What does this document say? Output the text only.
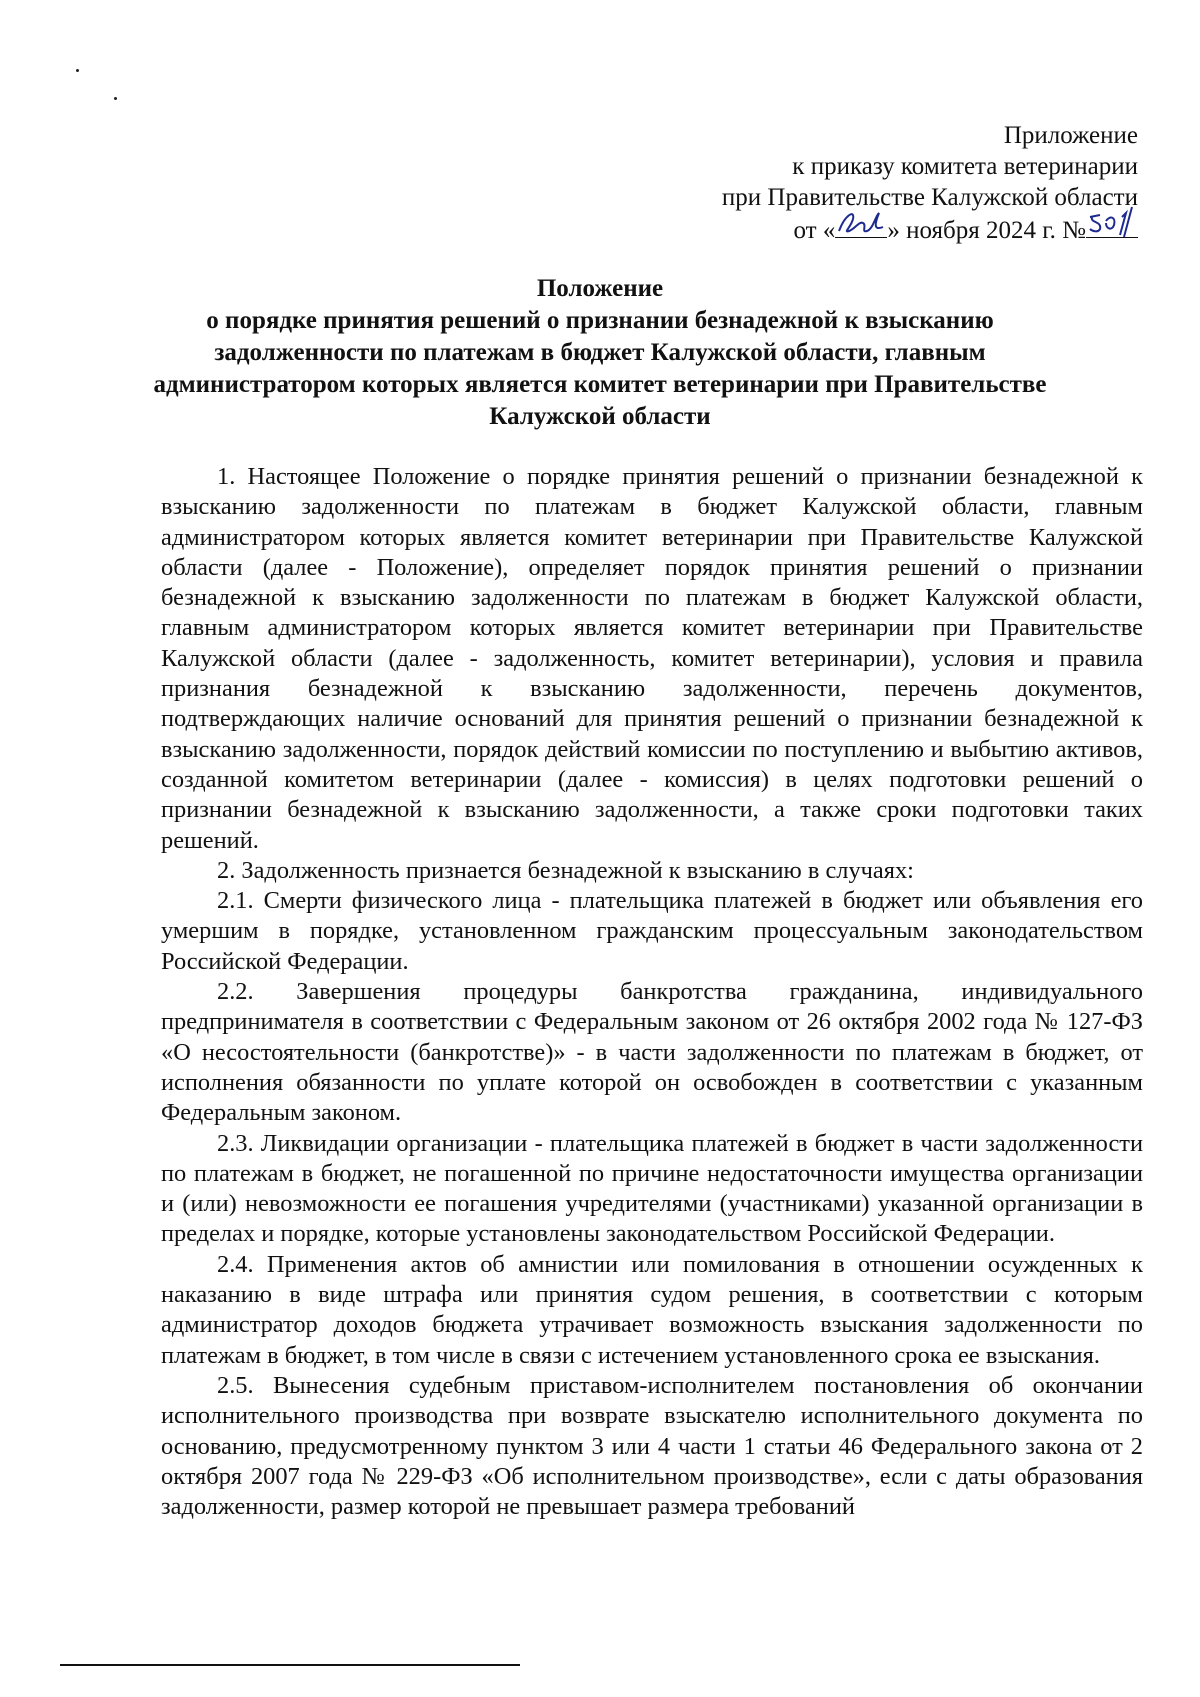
Приложение
к приказу комитета ветеринарии
при Правительстве Калужской области
от « » ноября 2024 г. №
Положение
о порядке принятия решений о признании безнадежной к взысканию
задолженности по платежам в бюджет Калужской области, главным
администратором которых является комитет ветеринарии при Правительстве
Калужской области

1. Настоящее Положение о порядке принятия решений о признании безнадежной к взысканию задолженности по платежам в бюджет Калужской области, главным администратором которых является комитет ветеринарии при Правительстве Калужской области (далее - Положение), определяет порядок принятия решений о признании безнадежной к взысканию задолженности по платежам в бюджет Калужской области, главным администратором которых является комитет ветеринарии при Правительстве Калужской области (далее - задолженность, комитет ветеринарии), условия и правила признания безнадежной к взысканию задолженности, перечень документов, подтверждающих наличие оснований для принятия решений о признании безнадежной к взысканию задолженности, порядок действий комиссии по поступлению и выбытию активов, созданной комитетом ветеринарии (далее - комиссия) в целях подготовки решений о признании безнадежной к взысканию задолженности, а также сроки подготовки таких решений.

2. Задолженность признается безнадежной к взысканию в случаях:

2.1. Смерти физического лица - плательщика платежей в бюджет или объявления его умершим в порядке, установленном гражданским процессуальным законодательством Российской Федерации.

2.2. Завершения процедуры банкротства гражданина, индивидуального предпринимателя в соответствии с Федеральным законом от 26 октября 2002 года № 127-ФЗ «О несостоятельности (банкротстве)» - в части задолженности по платежам в бюджет, от исполнения обязанности по уплате которой он освобожден в соответствии с указанным Федеральным законом.

2.3. Ликвидации организации - плательщика платежей в бюджет в части задолженности по платежам в бюджет, не погашенной по причине недостаточности имущества организации и (или) невозможности ее погашения учредителями (участниками) указанной организации в пределах и порядке, которые установлены законодательством Российской Федерации.

2.4. Применения актов об амнистии или помилования в отношении осужденных к наказанию в виде штрафа или принятия судом решения, в соответствии с которым администратор доходов бюджета утрачивает возможность взыскания задолженности по платежам в бюджет, в том числе в связи с истечением установленного срока ее взыскания.

2.5. Вынесения судебным приставом-исполнителем постановления об окончании исполнительного производства при возврате взыскателю исполнительного документа по основанию, предусмотренному пунктом 3 или 4 части 1 статьи 46 Федерального закона от 2 октября 2007 года № 229-ФЗ «Об исполнительном производстве», если с даты образования задолженности, размер которой не превышает размера требований
